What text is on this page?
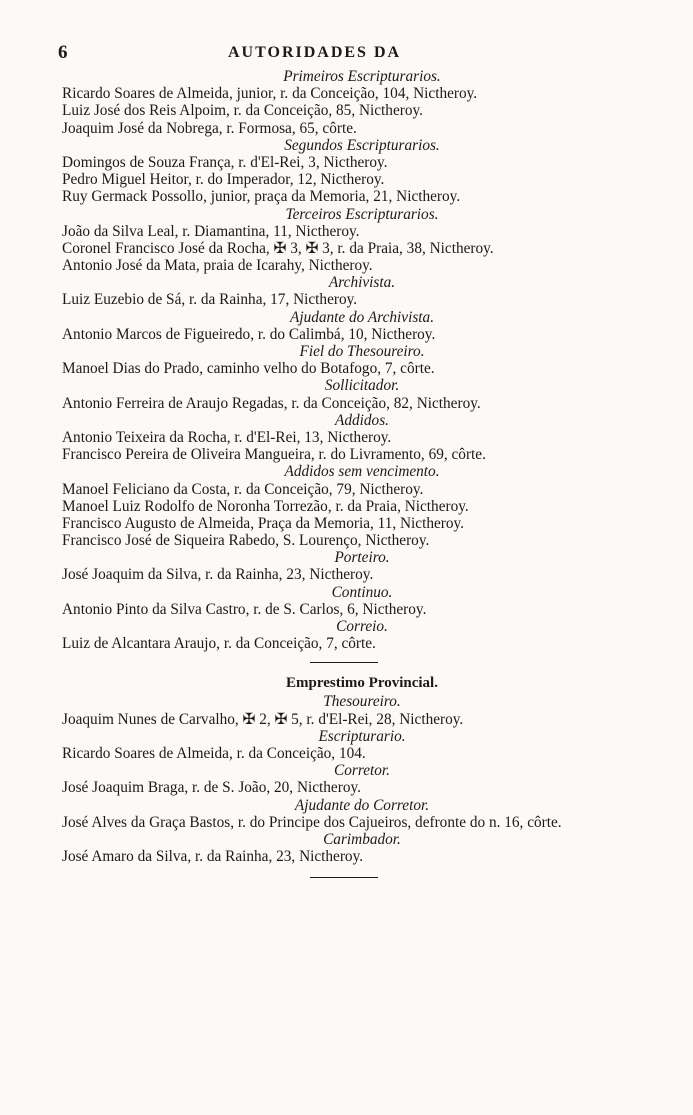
6	AUTORIDADES DA
Primeiros Escripturarios.
Ricardo Soares de Almeida, junior, r. da Conceição, 104, Nictheroy.
Luiz José dos Reis Alpoim, r. da Conceição, 85, Nictheroy.
Joaquim José da Nobrega, r. Formosa, 65, côrte.
Segundos Escripturarios.
Domingos de Souza França, r. d'El-Rei, 3, Nictheroy.
Pedro Miguel Heitor, r. do Imperador, 12, Nictheroy.
Ruy Germack Possollo, junior, praça da Memoria, 21, Nictheroy.
Terceiros Escripturarios.
João da Silva Leal, r. Diamantina, 11, Nictheroy.
Coronel Francisco José da Rocha, ✠ 3, ✠ 3, r. da Praia, 38, Nictheroy.
Antonio José da Mata, praia de Icarahy, Nictheroy.
Archivista.
Luiz Euzebio de Sá, r. da Rainha, 17, Nictheroy.
Ajudante do Archivista.
Antonio Marcos de Figueiredo, r. do Calimbá, 10, Nictheroy.
Fiel do Thesoureiro.
Manoel Dias do Prado, caminho velho do Botafogo, 7, côrte.
Sollicitador.
Antonio Ferreira de Araujo Regadas, r. da Conceição, 82, Nictheroy.
Addidos.
Antonio Teixeira da Rocha, r. d'El-Rei, 13, Nictheroy.
Francisco Pereira de Oliveira Mangueira, r. do Livramento, 69, côrte.
Addidos sem vencimento.
Manoel Feliciano da Costa, r. da Conceição, 79, Nictheroy.
Manoel Luiz Rodolfo de Noronha Torrezão, r. da Praia, Nictheroy.
Francisco Augusto de Almeida, Praça da Memoria, 11, Nictheroy.
Francisco José de Siqueira Rabedo, S. Lourenço, Nictheroy.
Porteiro.
José Joaquim da Silva, r. da Rainha, 23, Nictheroy.
Continuo.
Antonio Pinto da Silva Castro, r. de S. Carlos, 6, Nictheroy.
Correio.
Luiz de Alcantara Araujo, r. da Conceição, 7, côrte.
Emprestimo Provincial.
Thesoureiro.
Joaquim Nunes de Carvalho, ✠ 2, ✠ 5, r. d'El-Rei, 28, Nictheroy.
Escripturario.
Ricardo Soares de Almeida, r. da Conceição, 104.
Corretor.
José Joaquim Braga, r. de S. João, 20, Nictheroy.
Ajudante do Corretor.
José Alves da Graça Bastos, r. do Principe dos Cajueiros, defronte do n. 16, côrte.
Carimbador.
José Amaro da Silva, r. da Rainha, 23, Nictheroy.
